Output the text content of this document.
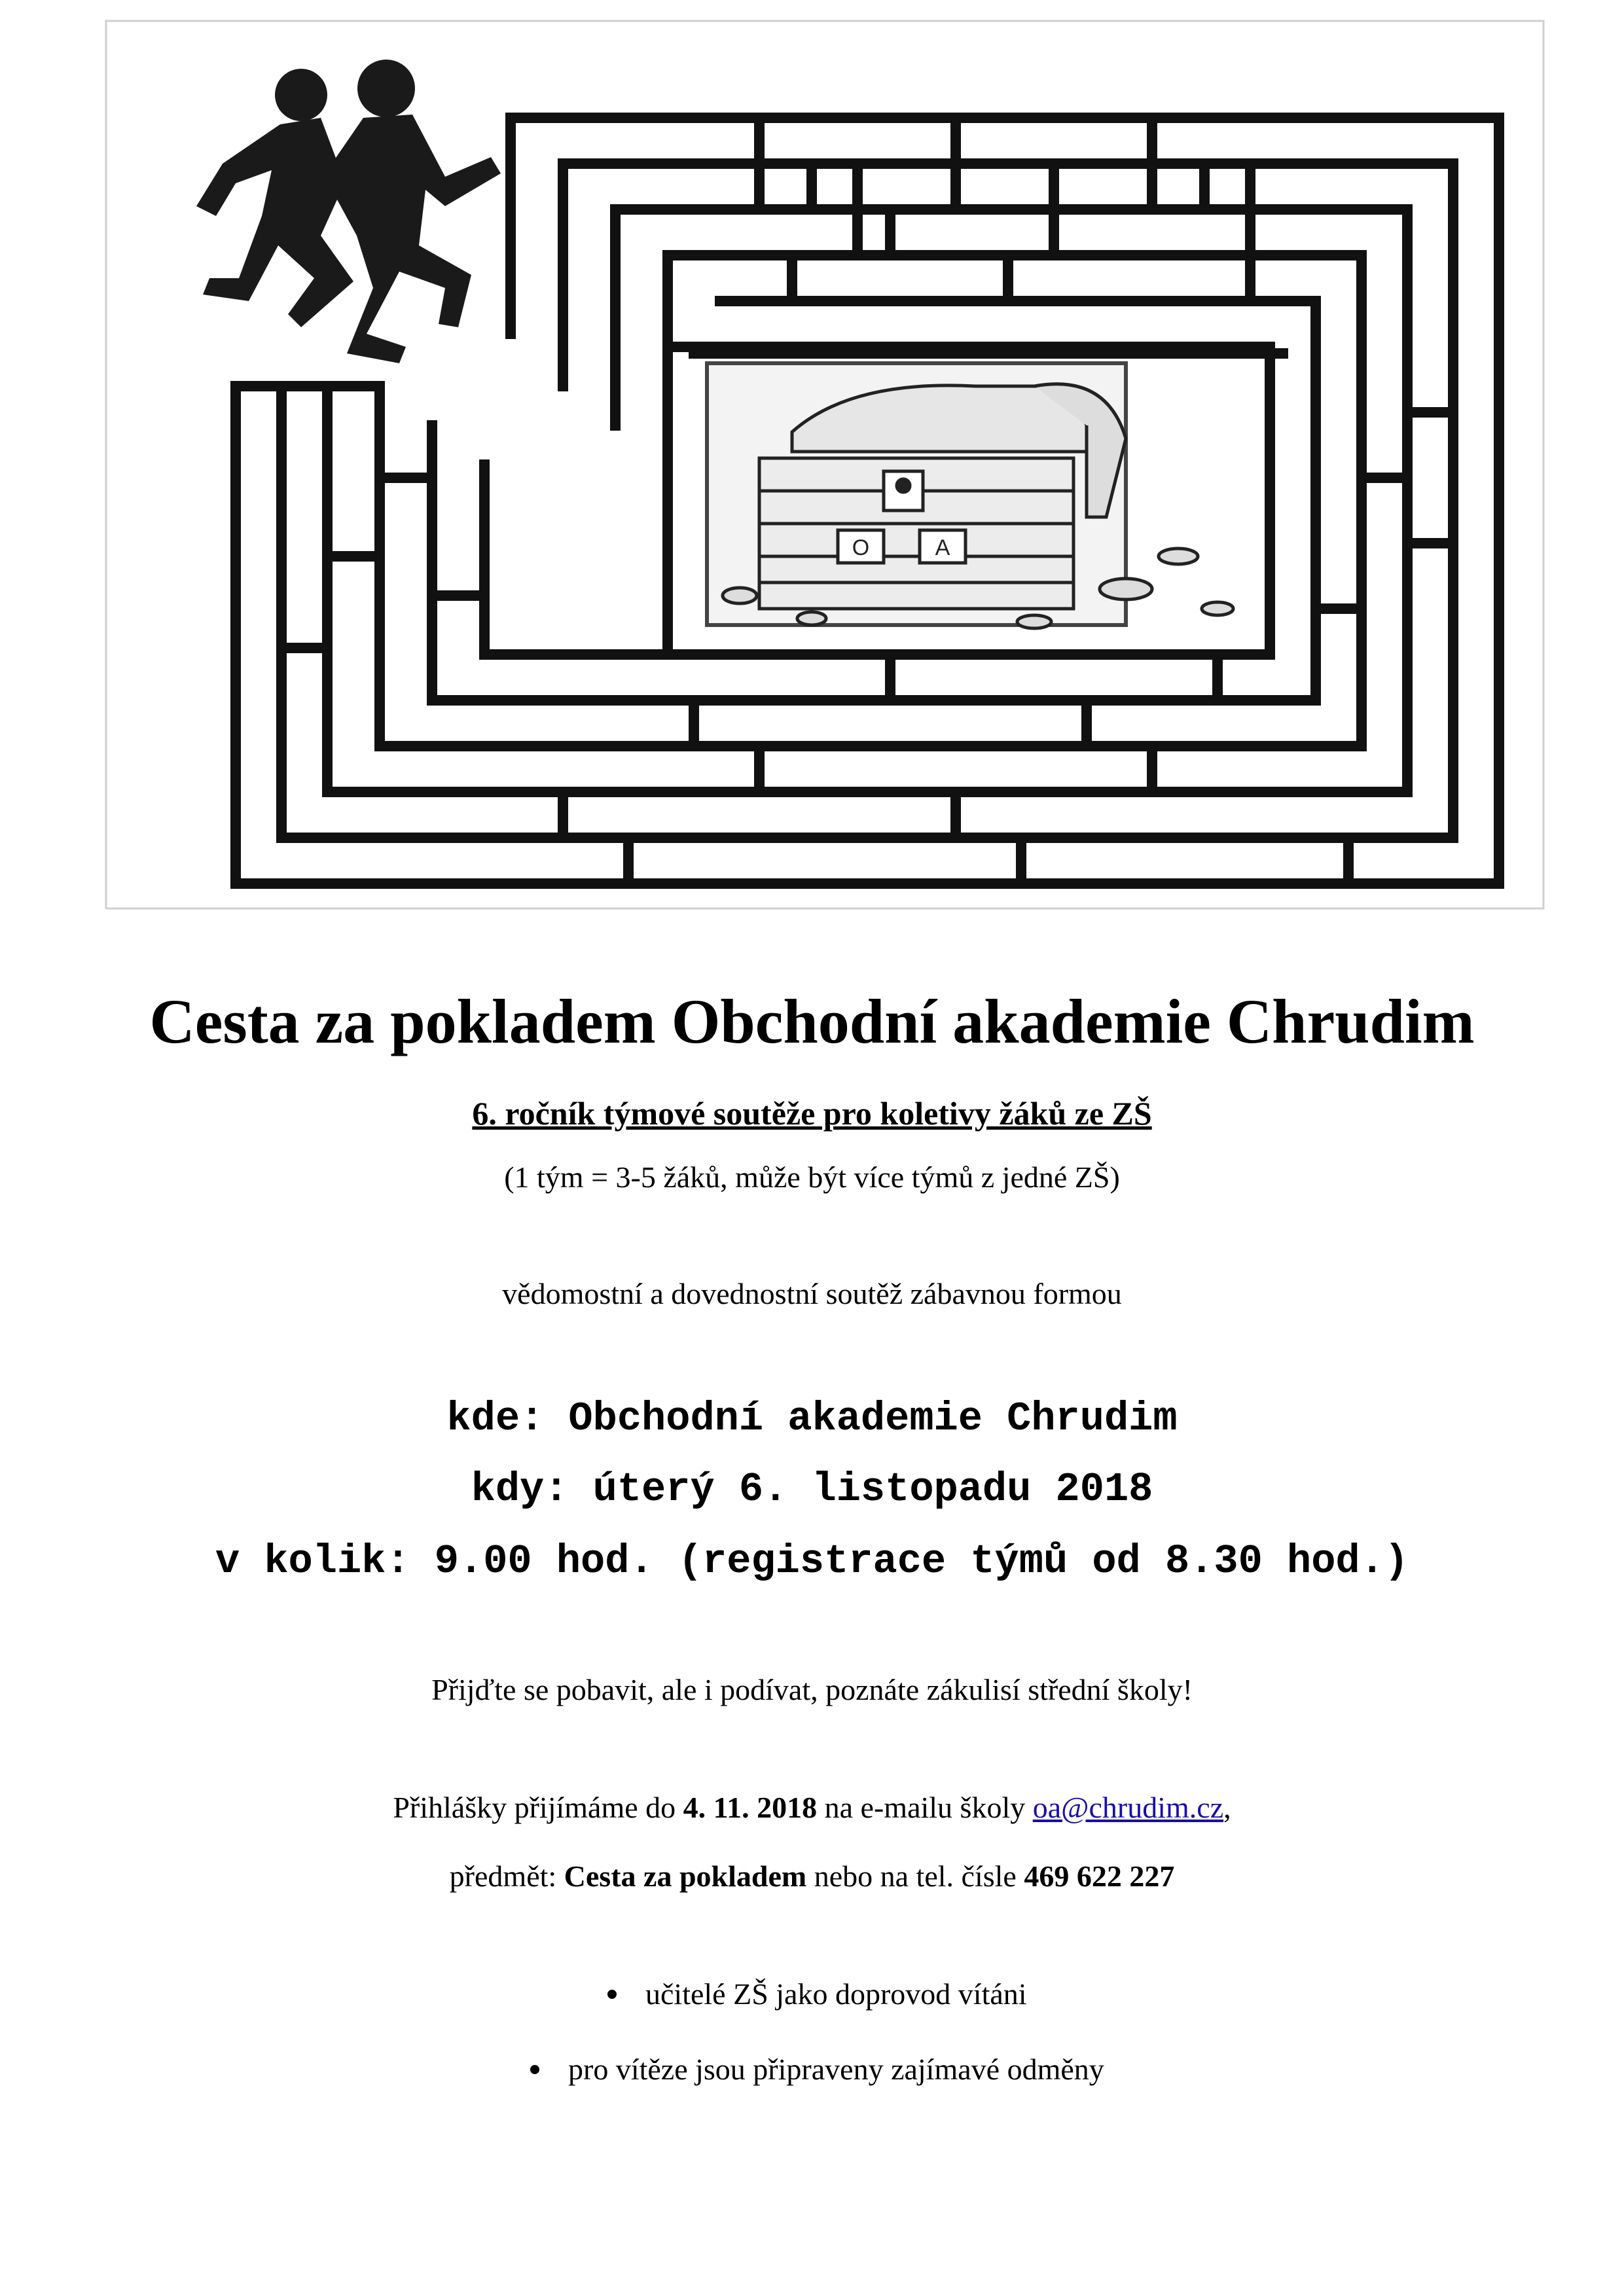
O	A
Cesta za pokladem Obchodní akademie Chrudim
6. ročník týmové soutěže pro koletivy žáků ze ZŠ
(1 tým = 3-5 žáků, může být více týmů z jedné ZŠ)
vědomostní a dovednostní soutěž zábavnou formou
kde: Obchodní akademie Chrudim
kdy: úterý 6. listopadu 2018
v kolik: 9.00 hod. (registrace týmů od 8.30 hod.)
Přijďte se pobavit, ale i podívat, poznáte zákulisí střední školy!
Přihlášky přijímáme do 4. 11. 2018 na e-mailu školy oa@chrudim.cz,
předmět: Cesta za pokladem nebo na tel. čísle 469 622 227
učitelé ZŠ jako doprovod vítáni
pro vítěze jsou připraveny zajímavé odměny
